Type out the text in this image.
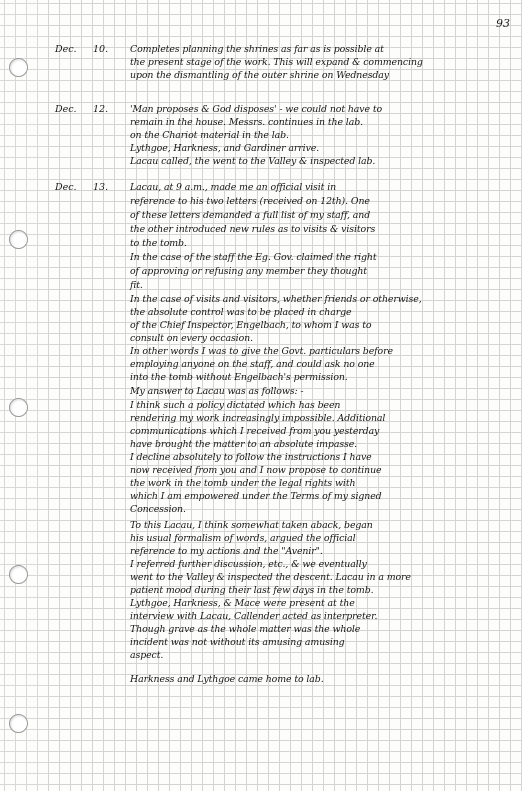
93
Dec. 10. Completes planning the shrines as far as is possible at
the present stage of the work. This will expand & commencing
upon the dismantling of the outer shrine on Wednesday
Dec. 12. 'Man proposes & God disposes' - we could not have to
remain in the house. Messrs. continues in the lab.
on the Chariot material in the lab.
Lythgoe, Harkness, and Gardiner arrive.
Lacau called, the went to the Valley & inspected lab.
Dec. 13. Lacau, at 9 a.m., made me an official visit in
reference to his two letters (received on 12th). One
of these letters demanded a full list of my staff, and
the other introduced new rules as to visits & visitors
to the tomb.
In the case of the staff the Eg. Gov. claimed the right
of approving or refusing any member they thought
fit.
In the case of visits and visitors, whether friends or otherwise,
the absolute control was to be placed in charge
of the Chief Inspector, Engelbach, to whom I was to
consult on every occasion.
In other words I was to give the Govt. particulars before
employing anyone on the staff, and could ask no one
into the tomb without Engelbach's permission.
My answer to Lacau was as follows: -
I think such a policy dictated which has been
rendering my work increasingly impossible. Additional
communications which I received from you yesterday
have brought the matter to an absolute impasse.
I decline absolutely to follow the instructions I have
now received from you and I now propose to continue
the work in the tomb under the legal rights with
which I am empowered under the Terms of my signed
Concession.
To this Lacau, I think somewhat taken aback, began
his usual formalism of words, argued the official
reference to my actions and the "Avenir".
I referred further discussion, etc., & we eventually
went to the Valley & inspected the descent. Lacau in a more
patient mood during their last few days in the tomb.
Lythgoe, Harkness, & Mace were present at the
interview with Lacau, Callender acted as interpreter.
Though grave as the whole matter was the whole
incident was not without its amusing amusing
aspect.
Harkness and Lythgoe came home to lab.
